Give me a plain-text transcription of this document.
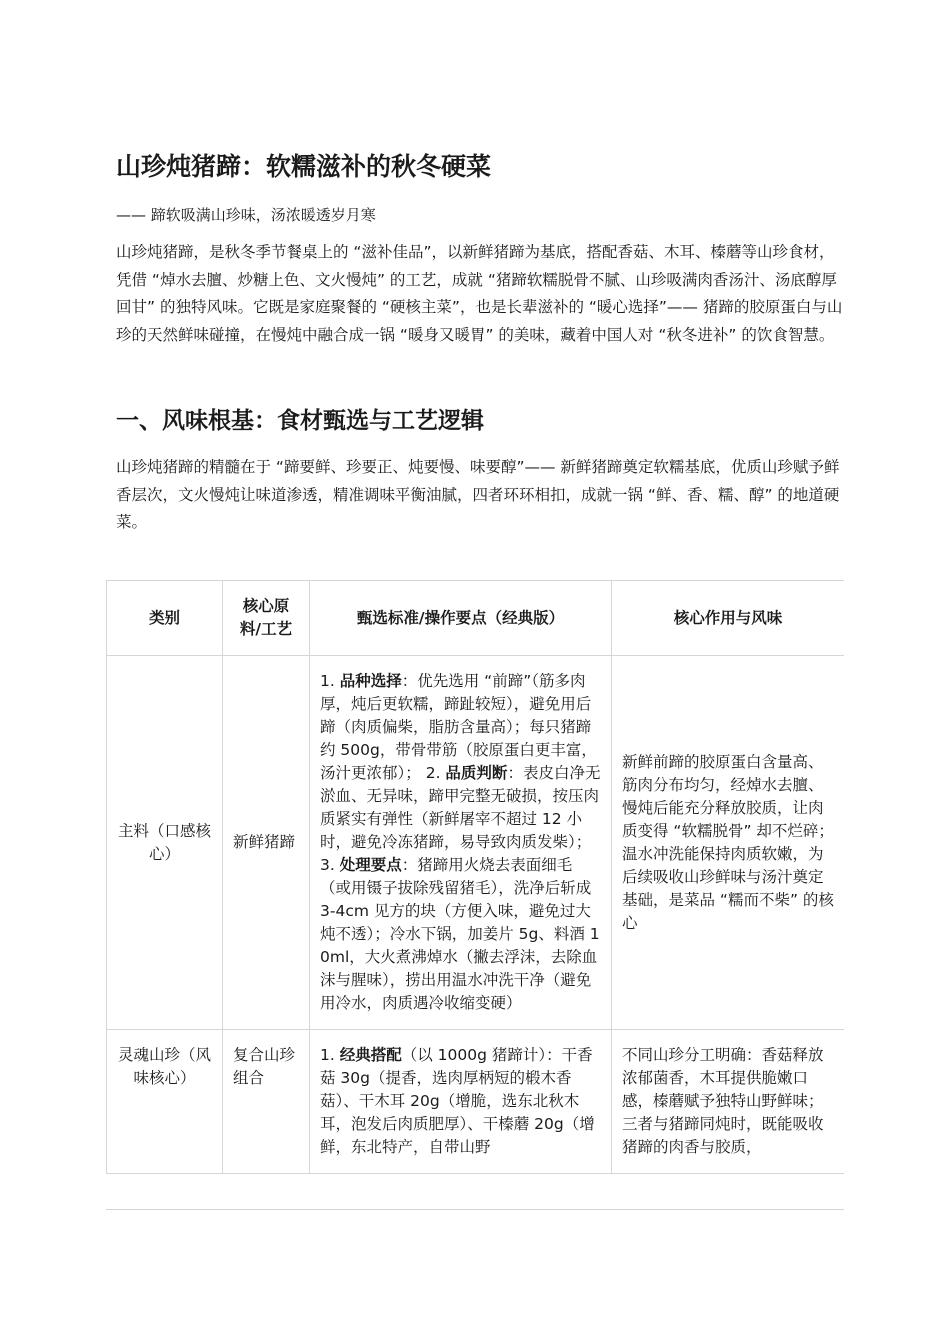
山珍炖猪蹄：软糯滋补的秋冬硬菜

—— 蹄软吸满山珍味，汤浓暖透岁月寒

山珍炖猪蹄，是秋冬季节餐桌上的 “滋补佳品”，以新鲜猪蹄为基底，搭配香菇、木耳、榛蘑等山珍食材，凭借 “焯水去膻、炒糖上色、文火慢炖” 的工艺，成就 “猪蹄软糯脱骨不腻、山珍吸满肉香汤汁、汤底醇厚回甘” 的独特风味。它既是家庭聚餐的 “硬核主菜”，也是长辈滋补的 “暖心选择”—— 猪蹄的胶原蛋白与山珍的天然鲜味碰撞，在慢炖中融合成一锅 “暖身又暖胃” 的美味，藏着中国人对 “秋冬进补” 的饮食智慧。

一、风味根基：食材甄选与工艺逻辑

山珍炖猪蹄的精髓在于 “蹄要鲜、珍要正、炖要慢、味要醇”—— 新鲜猪蹄奠定软糯基底，优质山珍赋予鲜香层次，文火慢炖让味道渗透，精准调味平衡油腻，四者环环相扣，成就一锅 “鲜、香、糯、醇” 的地道硬菜。

类别	核心原料/工艺	甄选标准/操作要点（经典版）	核心作用与风味
主料（口感核心）	新鲜猪蹄	1. 品种选择：优先选用 “前蹄”（筋多肉厚，炖后更软糯，蹄趾较短），避免用后蹄（肉质偏柴，脂肪含量高）；每只猪蹄约 500g，带骨带筋（胶原蛋白更丰富，汤汁更浓郁）； 2. 品质判断：表皮白净无淤血、无异味，蹄甲完整无破损，按压肉质紧实有弹性（新鲜屠宰不超过 12 小时，避免冷冻猪蹄，易导致肉质发柴）； 3. 处理要点：猪蹄用火烧去表面细毛（或用镊子拔除残留猪毛），洗净后斩成 3-4cm 见方的块（方便入味，避免过大炖不透）；冷水下锅，加姜片 5g、料酒 10ml，大火煮沸焯水（撇去浮沫，去除血沫与腥味），捞出用温水冲洗干净（避免用冷水，肉质遇冷收缩变硬）	新鲜前蹄的胶原蛋白含量高、筋肉分布均匀，经焯水去膻、慢炖后能充分释放胶质，让肉质变得 “软糯脱骨” 却不烂碎；温水冲洗能保持肉质软嫩，为后续吸收山珍鲜味与汤汁奠定基础，是菜品 “糯而不柴” 的核心
灵魂山珍（风味核心）	复合山珍组合	1. 经典搭配（以 1000g 猪蹄计）：干香菇 30g（提香，选肉厚柄短的椴木香菇）、干木耳 20g（增脆，选东北秋木耳，泡发后肉质肥厚）、干榛蘑 20g（增鲜，东北特产，自带山野	不同山珍分工明确：香菇释放浓郁菌香，木耳提供脆嫩口感，榛蘑赋予独特山野鲜味；三者与猪蹄同炖时，既能吸收猪蹄的肉香与胶质，
